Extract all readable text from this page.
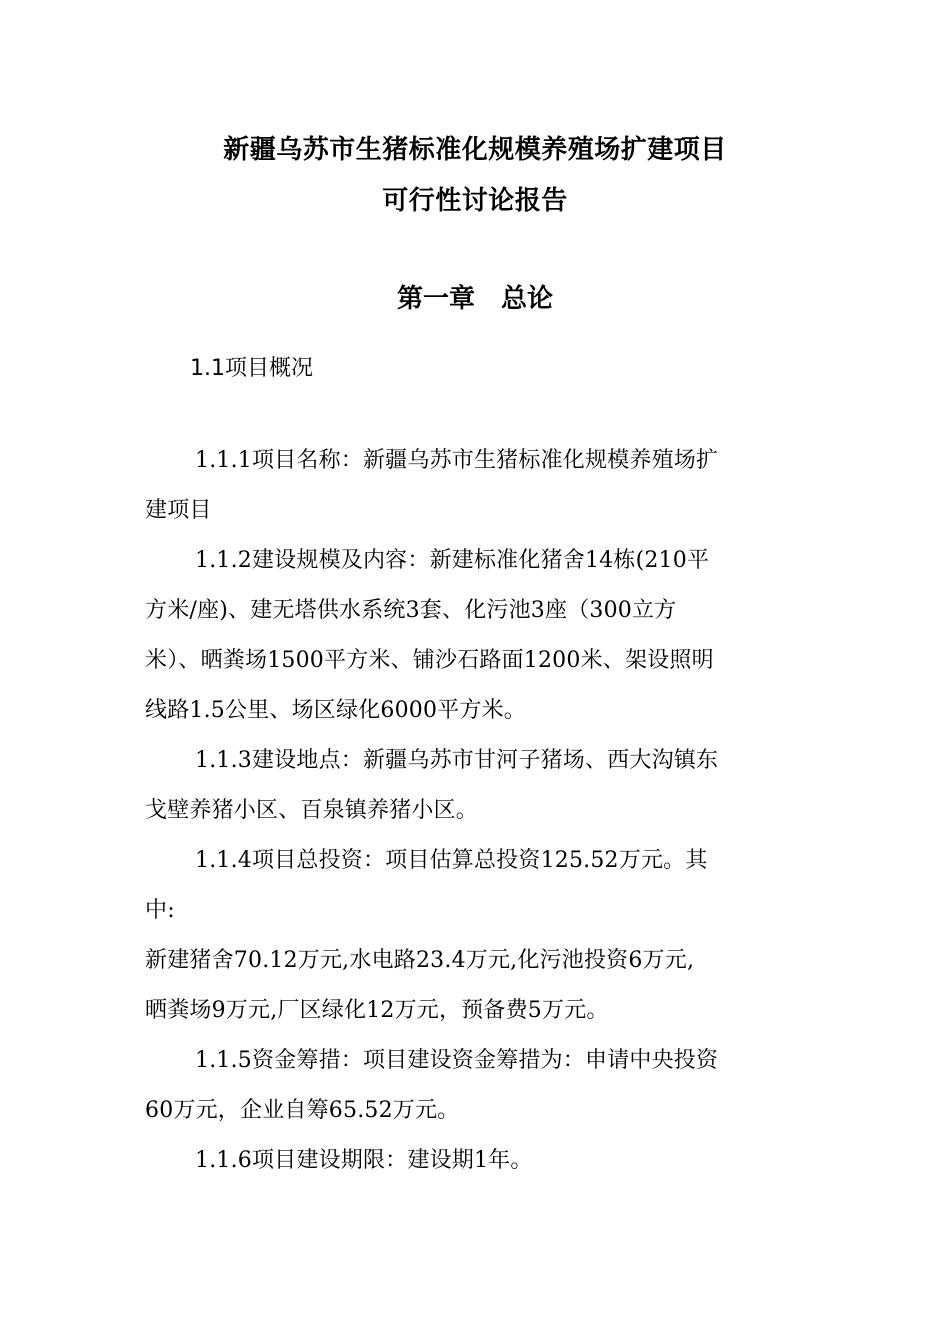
新疆乌苏市生猪标准化规模养殖场扩建项目
可行性讨论报告
第一章　总论
1.1项目概况
1.1.1项目名称：新疆乌苏市生猪标准化规模养殖场扩
建项目
1.1.2建设规模及内容：新建标准化猪舍14栋(210平
方米/座)、建无塔供水系统3套、化污池3座（300立方
米）、晒粪场1500平方米、铺沙石路面1200米、架设照明
线路1.5公里、场区绿化6000平方米。
1.1.3建设地点：新疆乌苏市甘河子猪场、西大沟镇东
戈壁养猪小区、百泉镇养猪小区。
1.1.4项目总投资：项目估算总投资125.52万元。其
中:
新建猪舍70.12万元,水电路23.4万元,化污池投资6万元,
晒粪场9万元,厂区绿化12万元，预备费5万元。
1.1.5资金筹措：项目建设资金筹措为：申请中央投资
60万元，企业自筹65.52万元。
1.1.6项目建设期限：建设期1年。
